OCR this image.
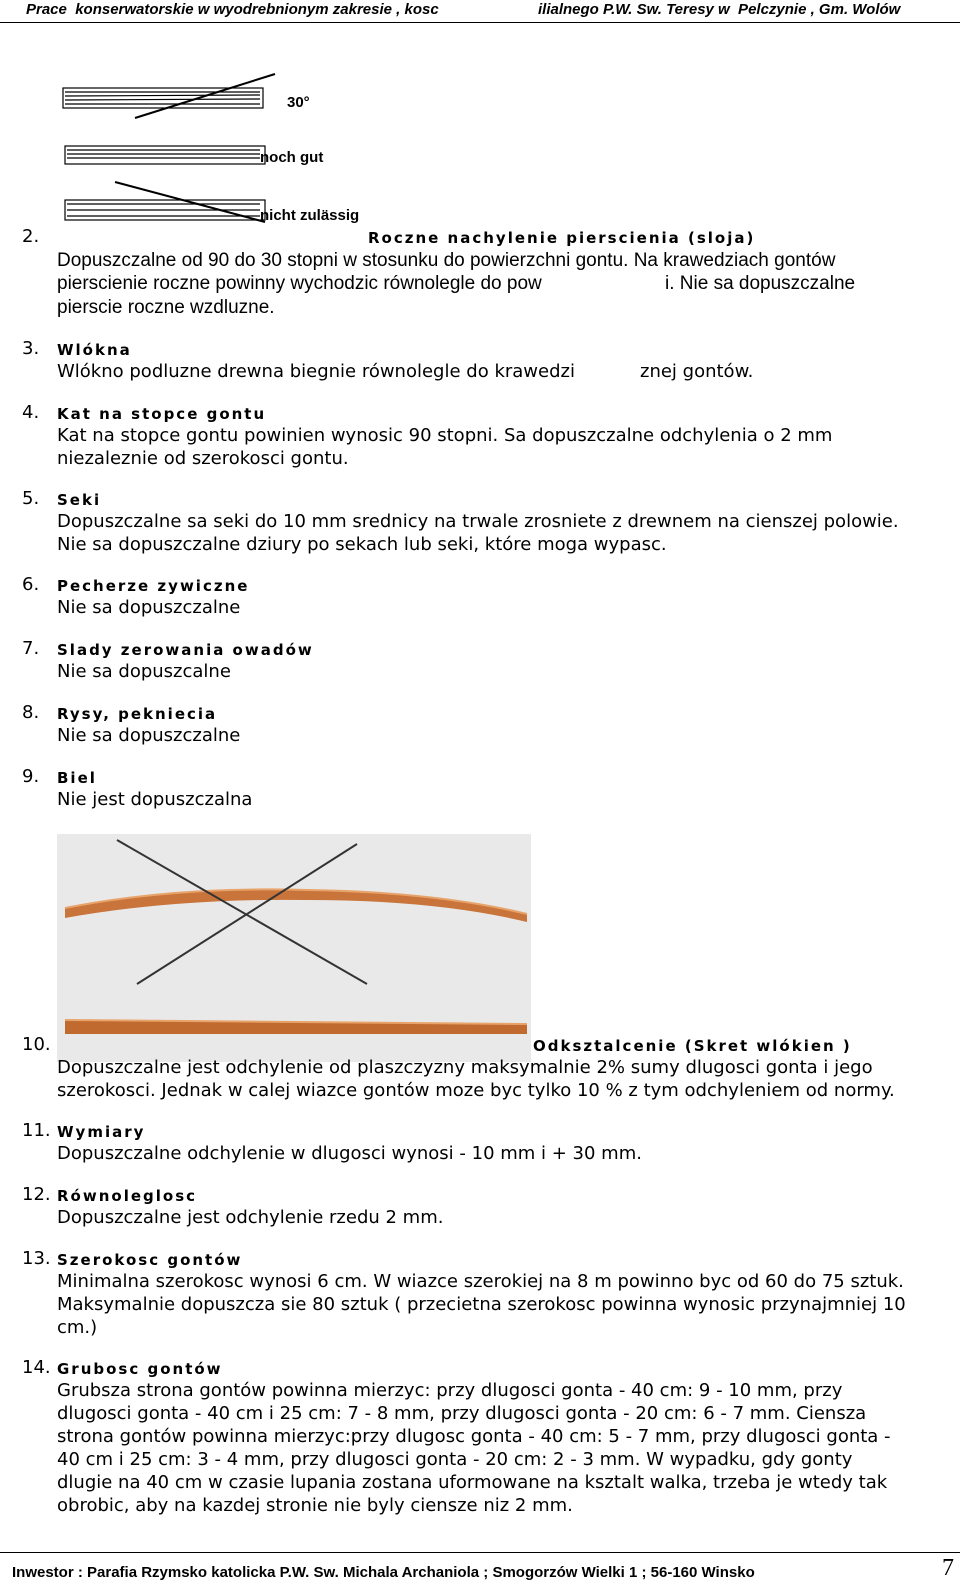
Prace  konserwatorskie w wyodrebnionym zakresie , kosc	ilialnego P.W. Sw. Teresy w  Pelczynie , Gm. Wolów
30°
noch gut
nicht zulässig
2.	Roczne nachylenie pierscienia (sloja)
Dopuszczalne od 90 do 30 stopni w stosunku do powierzchni gontu. Na krawedziach gontów
pierscienie roczne powinny wychodzic równolegle do pow	i. Nie sa dopuszczalne
pierscie roczne wzdluzne.
3. Wlókna
Wlókno podluzne drewna biegnie równolegle do krawedzi	znej gontów.
4. Kat na stopce gontu
Kat na stopce gontu powinien wynosic 90 stopni. Sa dopuszczalne odchylenia o 2 mm
niezaleznie od szerokosci gontu.
5. Seki
Dopuszczalne sa seki do 10 mm srednicy na trwale zrosniete z drewnem na cienszej polowie.
Nie sa dopuszczalne dziury po sekach lub seki, które moga wypasc.
6. Pecherze zywiczne
Nie sa dopuszczalne
7. Slady zerowania owadów
Nie sa dopuszcalne
8. Rysy, pekniecia
Nie sa dopuszczalne
9. Biel
Nie jest dopuszczalna
10.	Odksztalcenie (Skret wlókien )
Dopuszczalne jest odchylenie od plaszczyzny maksymalnie 2% sumy dlugosci gonta i jego
szerokosci. Jednak w calej wiazce gontów moze byc tylko 10 % z tym odchyleniem od normy.
11. Wymiary
Dopuszczalne odchylenie w dlugosci wynosi - 10 mm i + 30 mm.
12. Równoleglosc
Dopuszczalne jest odchylenie rzedu 2 mm.
13. Szerokosc gontów
Minimalna szerokosc wynosi 6 cm. W wiazce szerokiej na 8 m powinno byc od 60 do 75 sztuk.
Maksymalnie dopuszcza sie 80 sztuk ( przecietna szerokosc powinna wynosic przynajmniej 10
cm.)
14. Grubosc gontów
Grubsza strona gontów powinna mierzyc: przy dlugosci gonta - 40 cm: 9 - 10 mm, przy
dlugosci gonta - 40 cm i 25 cm: 7 - 8 mm, przy dlugosci gonta - 20 cm: 6 - 7 mm. Ciensza
strona gontów powinna mierzyc:przy dlugosc gonta - 40 cm: 5 - 7 mm, przy dlugosci gonta -
40 cm i 25 cm: 3 - 4 mm, przy dlugosci gonta - 20 cm: 2 - 3 mm. W wypadku, gdy gonty
dlugie na 40 cm w czasie lupania zostana uformowane na ksztalt walka, trzeba je wtedy tak
obrobic, aby na kazdej stronie nie byly ciensze niz 2 mm.
Inwestor : Parafia Rzymsko katolicka P.W. Sw. Michala Archaniola ; Smogorzów Wielki 1 ; 56-160 Winsko	7
